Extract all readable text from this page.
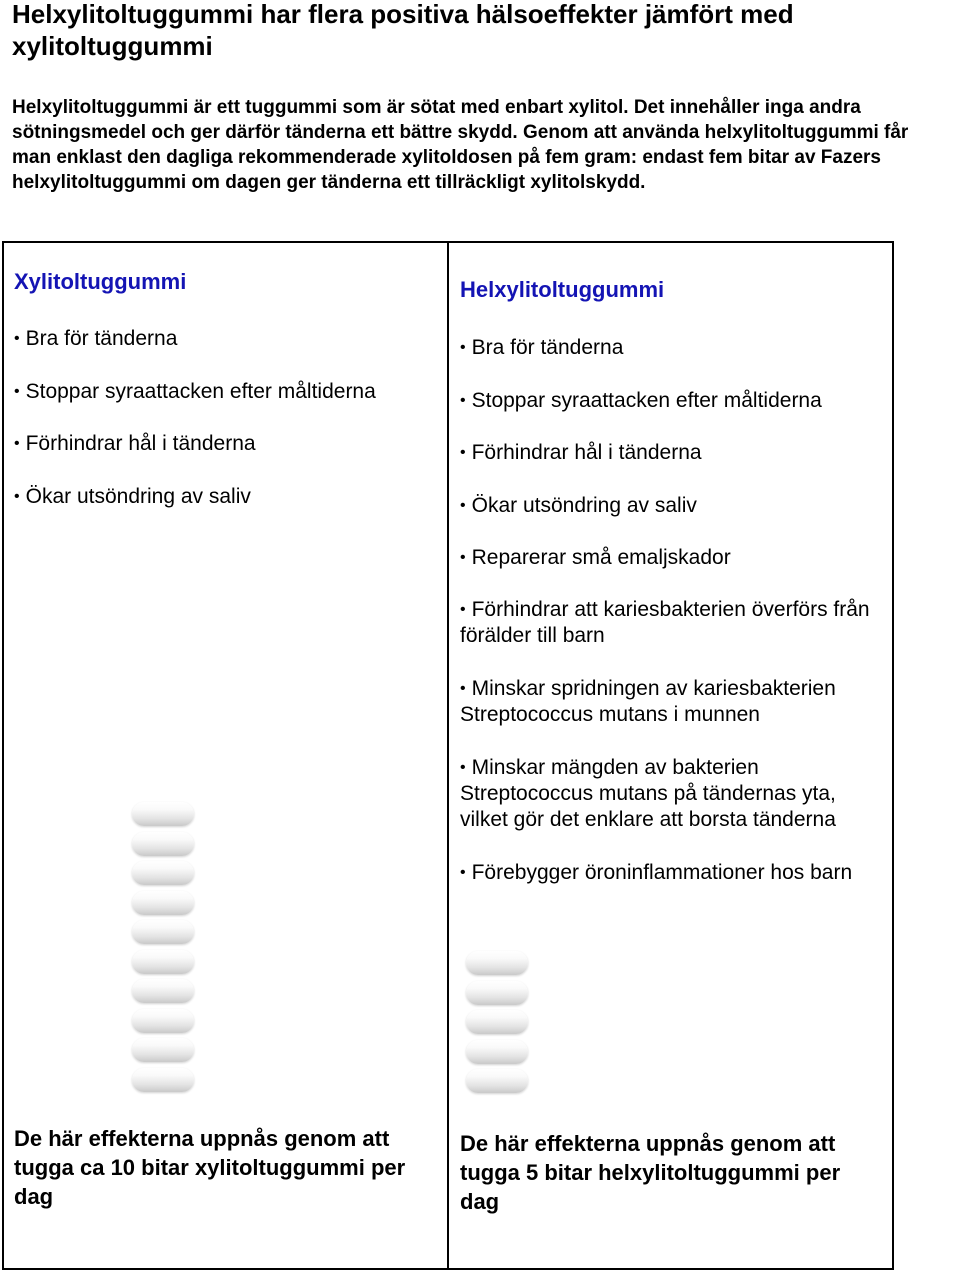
Helxylitoltuggummi har flera positiva hälsoeffekter jämfört med xylitoltuggummi

Helxylitoltuggummi är ett tuggummi som är sötat med enbart xylitol. Det innehåller inga andra sötningsmedel och ger därför tänderna ett bättre skydd. Genom att använda helxylitoltuggummi får man enklast den dagliga rekommenderade xylitoldosen på fem gram: endast fem bitar av Fazers helxylitoltuggummi om dagen ger tänderna ett tillräckligt xylitolskydd.

Xylitoltuggummi

• Bra för tänderna

• Stoppar syraattacken efter måltiderna

• Förhindrar hål i tänderna

• Ökar utsöndring av saliv

De här effekterna uppnås genom att tugga ca 10 bitar xylitoltuggummi per dag

Helxylitoltuggummi

• Bra för tänderna

• Stoppar syraattacken efter måltiderna

• Förhindrar hål i tänderna

• Ökar utsöndring av saliv

• Reparerar små emaljskador

• Förhindrar att kariesbakterien överförs från förälder till barn

• Minskar spridningen av kariesbakterien Streptococcus mutans i munnen

• Minskar mängden av bakterien Streptococcus mutans på tändernas yta, vilket gör det enklare att borsta tänderna

• Förebygger öroninflammationer hos barn

De här effekterna uppnås genom att tugga 5 bitar helxylitoltuggummi per dag
